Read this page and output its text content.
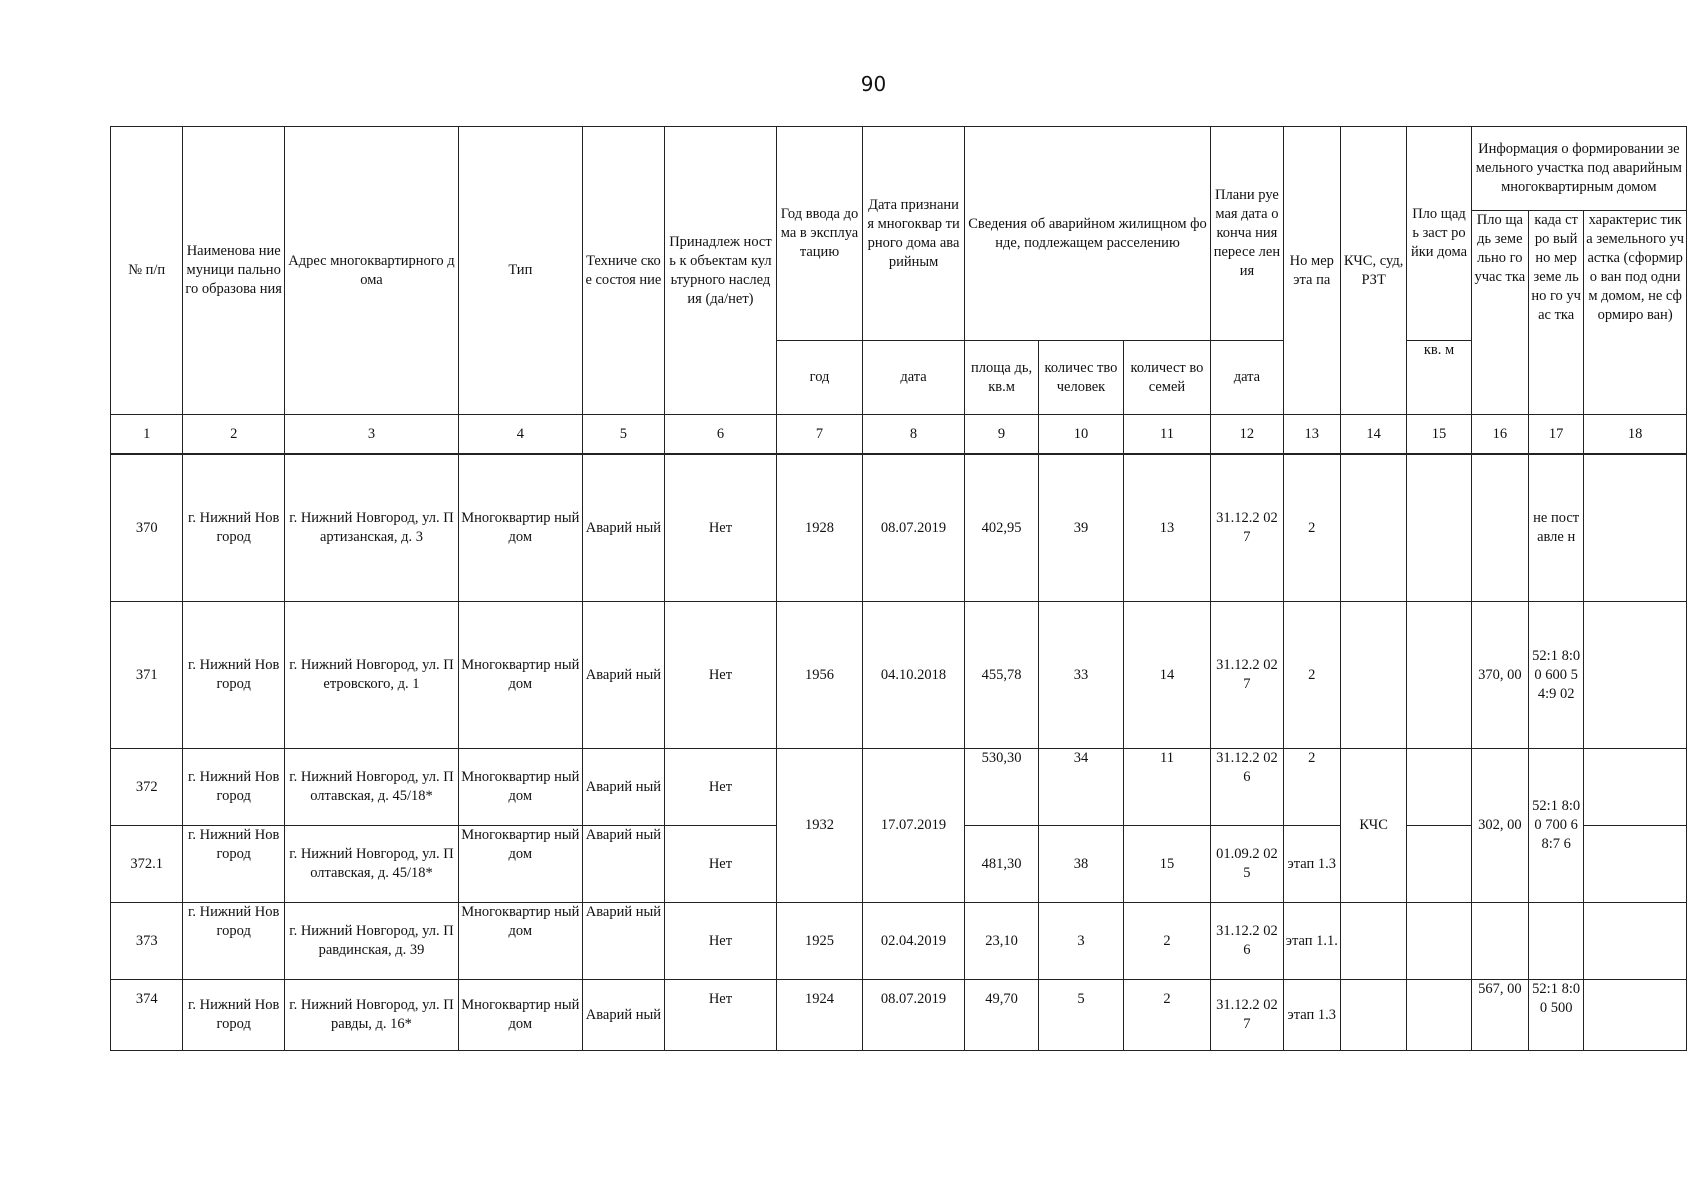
90
№ п/п	Наименова ние муници пального образова ния	Адрес многоквартирного дома	Тип	Техниче ское состоя ние	Принадлеж ность к объектам культурного наследия (да/нет)	Год ввода дома в эксплуа тацию	Дата признания многоквар тирного дома аварийным	Сведения об аварийном жилищном фонде, подлежащем расселению			Плани руемая дата оконча ния пересе ления	Но мер эта па	КЧС, суд, РЗТ	Пло щадь заст ройки дома	Информация о формировании земельного участка под аварийным многоквартирным домом		
															Пло щадь земе льно го учас тка	када стро вый но мер земе льно го учас тка	характерис тика земельного участка (сформиро ван под одним домом, не сформиро ван)
						год	дата	площа дь, кв.м	количес тво человек	количест во семей	дата			кв. м			
1	2	3	4	5	6	7	8	9	10	11	12	13	14	15	16	17	18
370	г. Нижний Новгород	г. Нижний Новгород, ул. Партизанская, д. 3	Многоквартир ный дом	Аварий ный	Нет	1928	08.07.2019	402,95	39	13	31.12.2 027	2				не пост авле н	
371	г. Нижний Новгород	г. Нижний Новгород, ул. Петровского, д. 1	Многоквартир ный дом	Аварий ный	Нет	1956	04.10.2018	455,78	33	14	31.12.2 027	2			370, 00	52:1 8:00 600 54:9 02	
372	г. Нижний Новгород	г. Нижний Новгород, ул. Полтавская, д. 45/18*	Многоквартир ный дом	Аварий ный	Нет	1932	17.07.2019	530,30	34	11	31.12.2 026	2	КЧС		302, 00	52:1 8:00 700 68:7 6	
372.1	г. Нижний Новгород	г. Нижний Новгород, ул. Полтавская, д. 45/18*	Многоквартир ный дом	Аварий ный	Нет			481,30	38	15	01.09.2 025	этап 1.3					
373	г. Нижний Новгород	г. Нижний Новгород, ул. Правдинская, д. 39	Многоквартир ный дом	Аварий ный	Нет	1925	02.04.2019	23,10	3	2	31.12.2 026	этап 1.1.					
374	г. Нижний Новгород	г. Нижний Новгород, ул. Правды, д. 16*	Многоквартир ный дом	Аварий ный	Нет	1924	08.07.2019	49,70	5	2	31.12.2 027	этап 1.3			567, 00	52:1 8:00 500	
